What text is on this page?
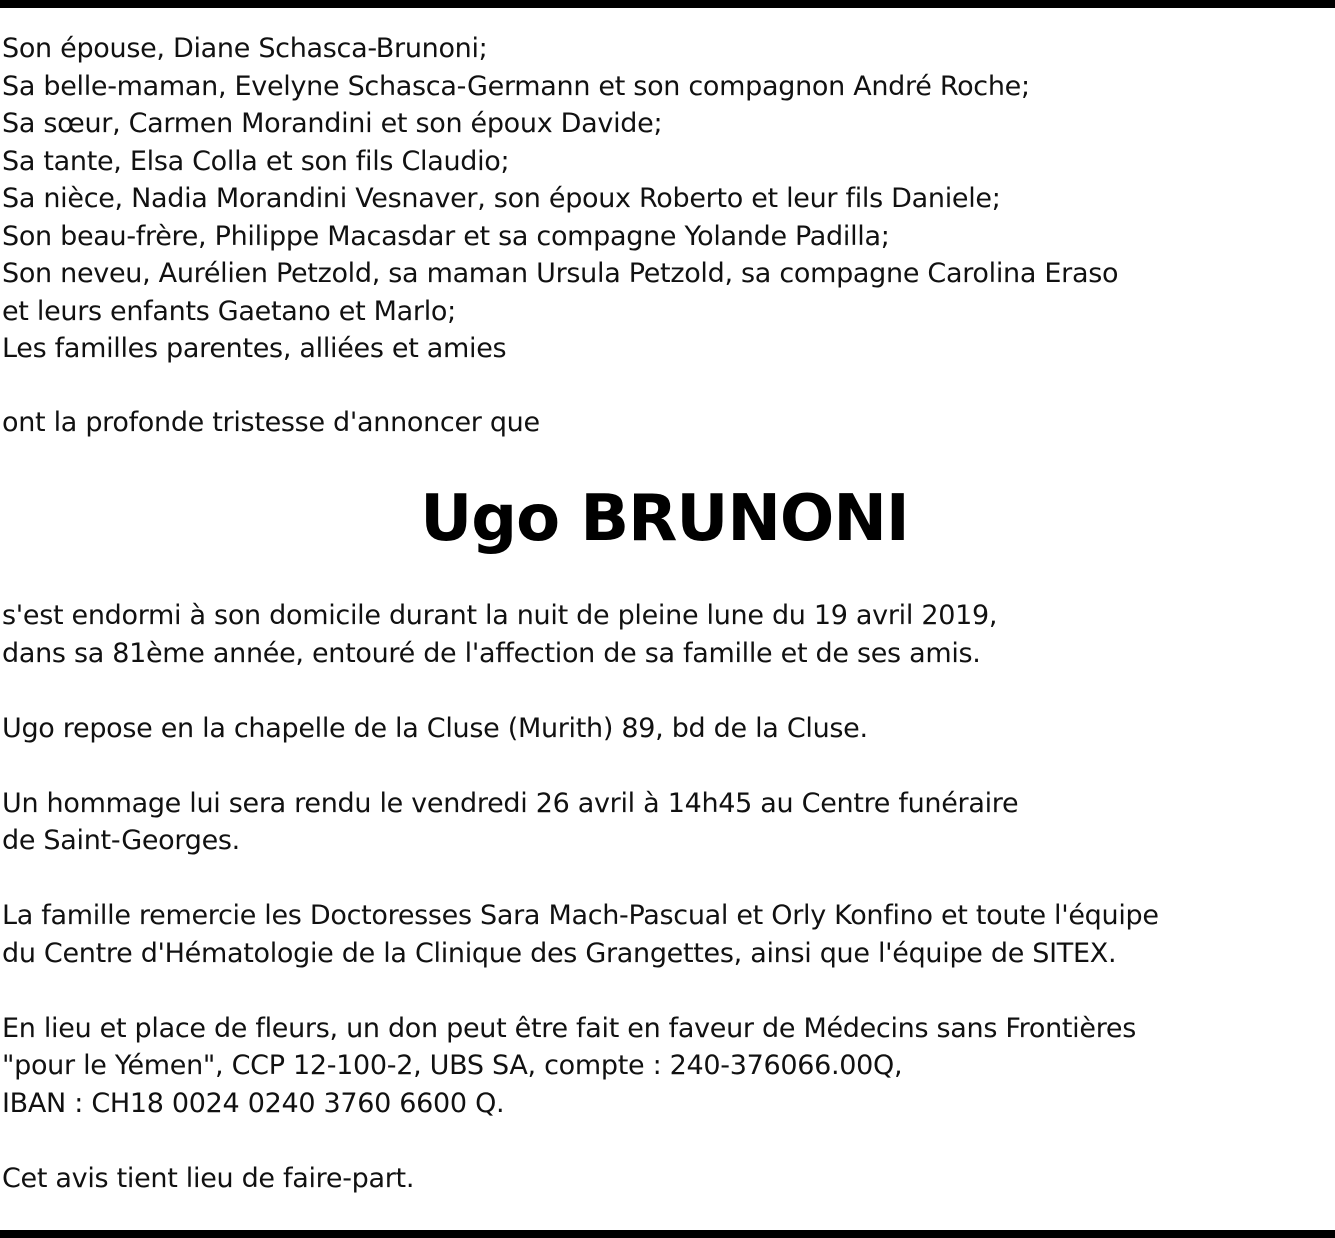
Son épouse, Diane Schasca-Brunoni;
Sa belle-maman, Evelyne Schasca-Germann et son compagnon André Roche;
Sa sœur, Carmen Morandini et son époux Davide;
Sa tante, Elsa Colla et son fils Claudio;
Sa nièce, Nadia Morandini Vesnaver, son époux Roberto et leur fils Daniele;
Son beau-frère, Philippe Macasdar et sa compagne Yolande Padilla;
Son neveu, Aurélien Petzold, sa maman Ursula Petzold, sa compagne Carolina Eraso
et leurs enfants Gaetano et Marlo;
Les familles parentes, alliées et amies
ont la profonde tristesse d'annoncer que
Ugo BRUNONI
s'est endormi à son domicile durant la nuit de pleine lune du 19 avril 2019,
dans sa 81ème année, entouré de l'affection de sa famille et de ses amis.
Ugo repose en la chapelle de la Cluse (Murith) 89, bd de la Cluse.
Un hommage lui sera rendu le vendredi 26 avril à 14h45 au Centre funéraire
de Saint-Georges.
La famille remercie les Doctoresses Sara Mach-Pascual et Orly Konfino et toute l'équipe
du Centre d'Hématologie de la Clinique des Grangettes, ainsi que l'équipe de SITEX.
En lieu et place de fleurs, un don peut être fait en faveur de Médecins sans Frontières
"pour le Yémen", CCP 12-100-2, UBS SA, compte : 240-376066.00Q,
IBAN : CH18 0024 0240 3760 6600 Q.
Cet avis tient lieu de faire-part.
